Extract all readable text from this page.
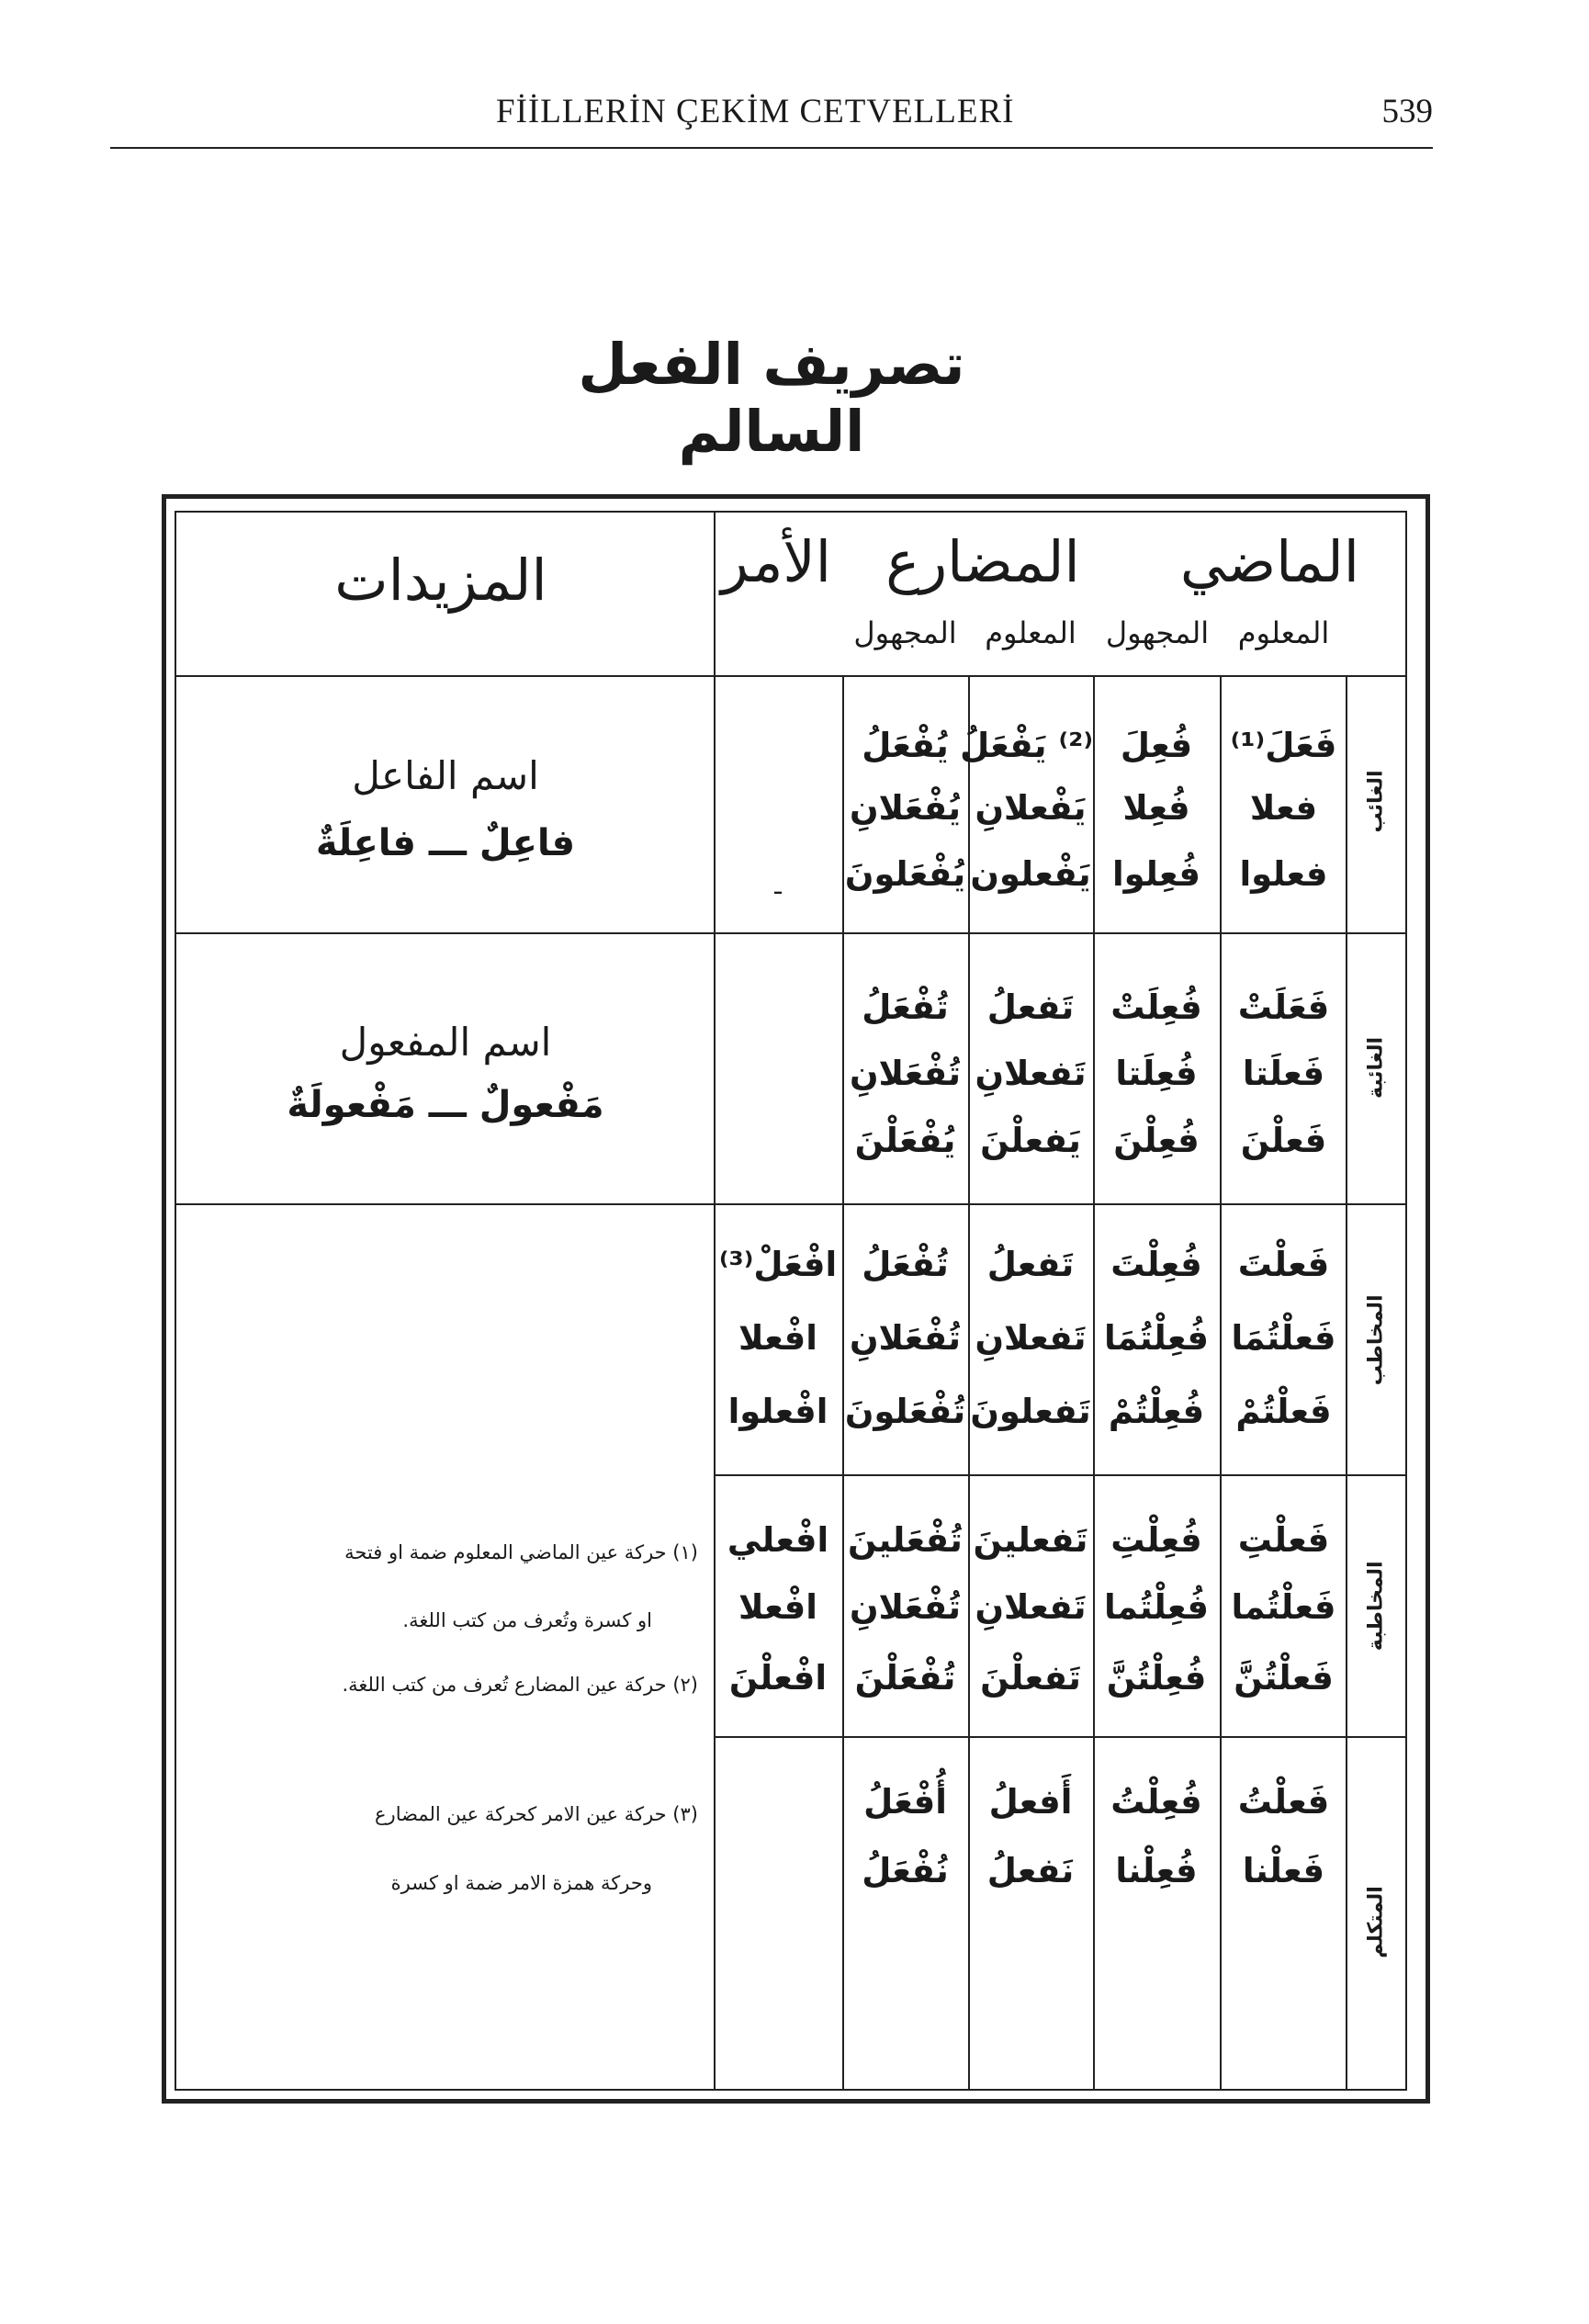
FİİLLERİN ÇEKİM CETVELLERİ	539
تصريف الفعل السالم
الماضي
المضارع
الأمر
المزيدات
المعلوم
المجهول
المعلوم
المجهول
الغائب
الغائبة
المخاطب
المخاطبة
المتكلم
فَعَلَ⁽¹⁾
فعلا
فعلوا
فُعِلَ
فُعِلا
فُعِلوا
⁽²⁾ يَفْعَلُ
يَفْعلانِ
يَفْعلون
يُفْعَلُ
يُفْعَلانِ
يُفْعَلونَ
ـ
فَعَلَتْ
فَعلَتا
فَعلْنَ
فُعِلَتْ
فُعِلَتا
فُعِلْنَ
تَفعلُ
تَفعلانِ
يَفعلْنَ
تُفْعَلُ
تُفْعَلانِ
يُفْعَلْنَ
فَعلْتَ
فَعلْتُمَا
فَعلْتُمْ
فُعِلْتَ
فُعِلْتُمَا
فُعِلْتُمْ
تَفعلُ
تَفعلانِ
تَفعلونَ
تُفْعَلُ
تُفْعَلانِ
تُفْعَلونَ
افْعَلْ⁽³⁾
افْعلا
افْعلوا
فَعلْتِ
فَعلْتُما
فَعلْتُنَّ
فُعِلْتِ
فُعِلْتُما
فُعِلْتُنَّ
تَفعلينَ
تَفعلانِ
تَفعلْنَ
تُفْعَلينَ
تُفْعَلانِ
تُفْعَلْنَ
افْعلي
افْعلا
افْعلْنَ
فَعلْتُ
فَعلْنا
فُعِلْتُ
فُعِلْنا
أَفعلُ
نَفعلُ
أُفْعَلُ
نُفْعَلُ
اسم الفاعل
فاعِلٌ ـــ فاعِلَةٌ
اسم المفعول
مَفْعولٌ ـــ مَفْعولَةٌ
(١) حركة عين الماضي المعلوم ضمة او فتحة
او كسرة وتُعرف من كتب اللغة.
(٢) حركة عين المضارع تُعرف من كتب اللغة.
(٣) حركة عين الامر كحركة عين المضارع
وحركة همزة الامر ضمة او كسرة
